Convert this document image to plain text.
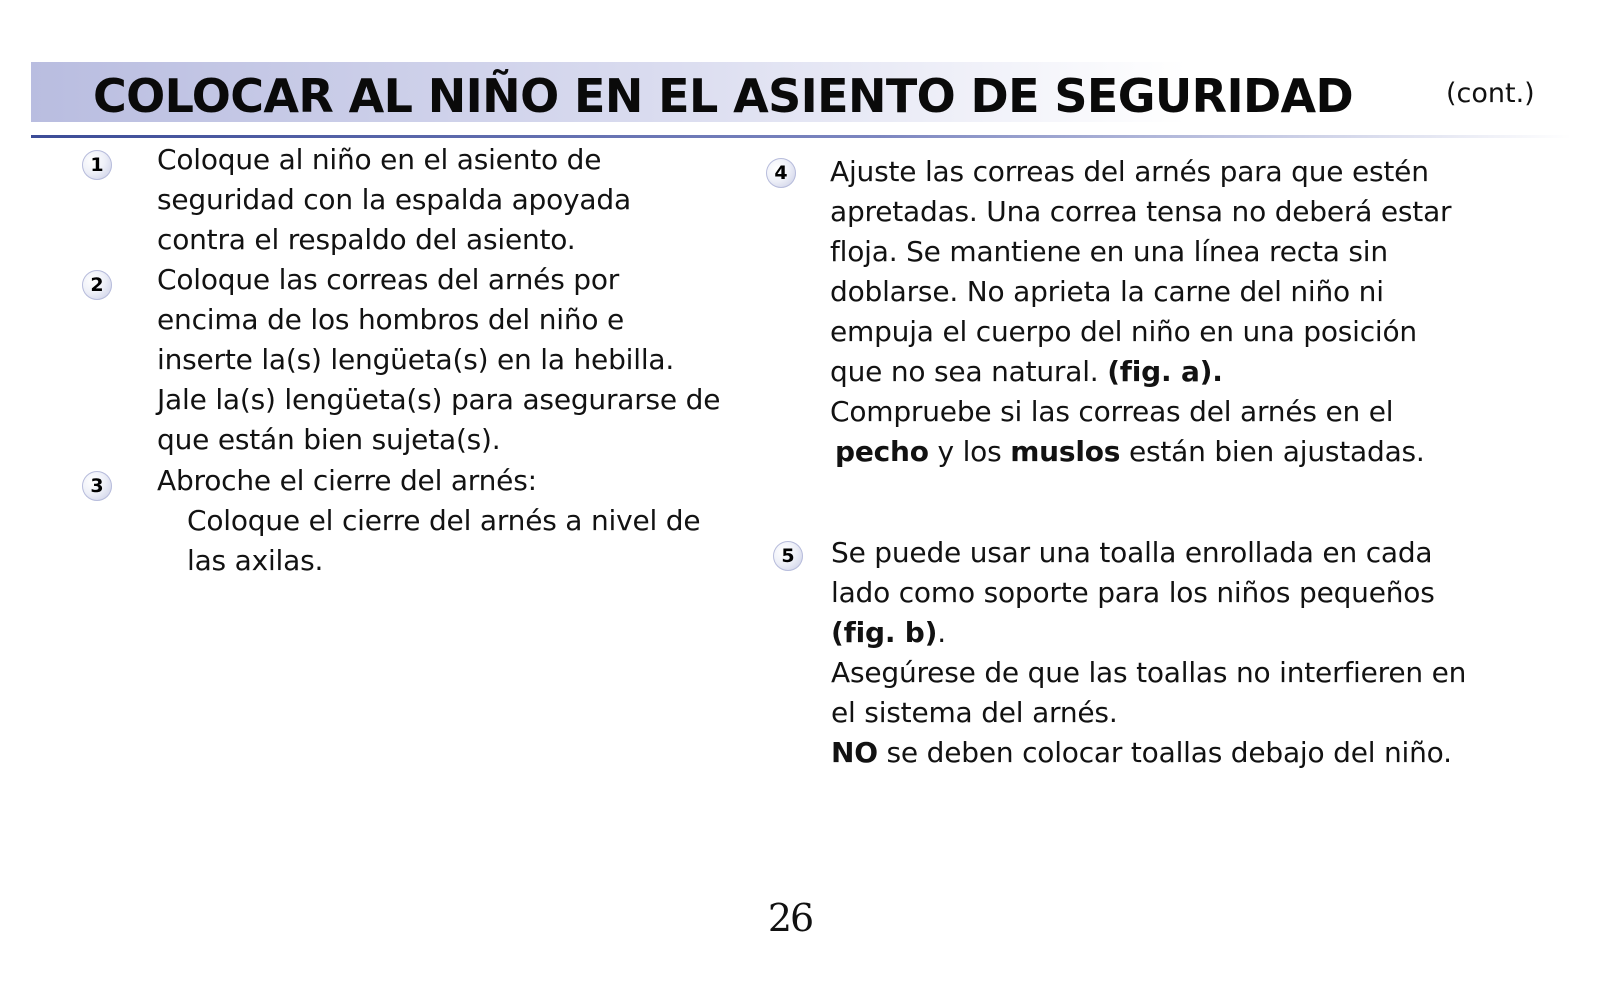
COLOCAR AL NIÑO EN EL ASIENTO DE SEGURIDAD	(cont.)
1 Coloque al niño en el asiento de
seguridad con la espalda apoyada
contra el respaldo del asiento.
2 Coloque las correas del arnés por
encima de los hombros del niño e
inserte la(s) lengüeta(s) en la hebilla.
Jale la(s) lengüeta(s) para asegurarse de
que están bien sujeta(s).
3 Abroche el cierre del arnés:
Coloque el cierre del arnés a nivel de
las axilas.
4 Ajuste las correas del arnés para que estén
apretadas. Una correa tensa no deberá estar
floja. Se mantiene en una línea recta sin
doblarse. No aprieta la carne del niño ni
empuja el cuerpo del niño en una posición
que no sea natural. (fig. a).
Compruebe si las correas del arnés en el
pecho y los muslos están bien ajustadas.
5 Se puede usar una toalla enrollada en cada
lado como soporte para los niños pequeños
(fig. b).
Asegúrese de que las toallas no interfieren en
el sistema del arnés.
NO se deben colocar toallas debajo del niño.
26
